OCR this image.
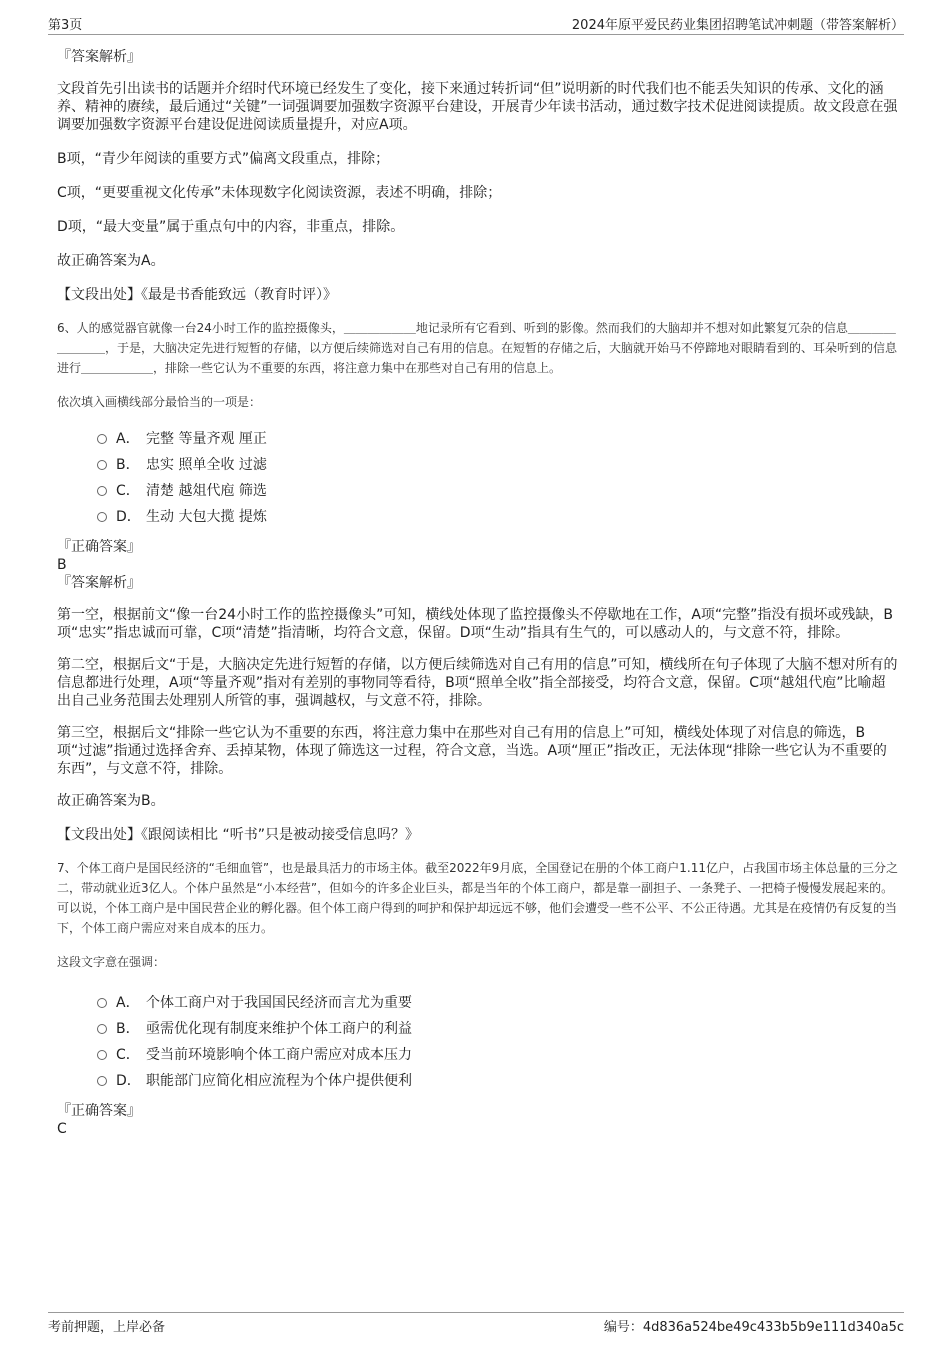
第3页	2024年原平爱民药业集团招聘笔试冲刺题（带答案解析）
『答案解析』

文段首先引出读书的话题并介绍时代环境已经发生了变化，接下来通过转折词“但”说明新的时代我们也不能丢失知识的传承、文化的涵养、精神的赓续，最后通过“关键”一词强调要加强数字资源平台建设，开展青少年读书活动，通过数字技术促进阅读提质。故文段意在强调要加强数字资源平台建设促进阅读质量提升，对应A项。

B项，“青少年阅读的重要方式”偏离文段重点，排除；

C项，“更要重视文化传承”未体现数字化阅读资源，表述不明确，排除；

D项，“最大变量”属于重点句中的内容，非重点，排除。

故正确答案为A。

【文段出处】《最是书香能致远（教育时评）》

6、人的感觉器官就像一台24小时工作的监控摄像头，＿＿＿＿＿＿地记录所有它看到、听到的影像。然而我们的大脑却并不想对如此繁复冗杂的信息＿＿＿＿＿＿＿＿，于是，大脑决定先进行短暂的存储，以方便后续筛选对自己有用的信息。在短暂的存储之后，大脑就开始马不停蹄地对眼睛看到的、耳朵听到的信息进行＿＿＿＿＿＿，排除一些它认为不重要的东西，将注意力集中在那些对自己有用的信息上。

依次填入画横线部分最恰当的一项是：

A． 完整 等量齐观 厘正
B． 忠实 照单全收 过滤
C． 清楚 越俎代庖 筛选
D． 生动 大包大揽 提炼
『正确答案』
B
『答案解析』

第一空，根据前文“像一台24小时工作的监控摄像头”可知，横线处体现了监控摄像头不停歇地在工作，A项“完整”指没有损坏或残缺，B项“忠实”指忠诚而可靠，C项“清楚”指清晰，均符合文意，保留。D项“生动”指具有生气的，可以感动人的，与文意不符，排除。

第二空，根据后文“于是，大脑决定先进行短暂的存储，以方便后续筛选对自己有用的信息”可知，横线所在句子体现了大脑不想对所有的信息都进行处理，A项“等量齐观”指对有差别的事物同等看待，B项“照单全收”指全部接受，均符合文意，保留。C项“越俎代庖”比喻超出自己业务范围去处理别人所管的事，强调越权，与文意不符，排除。

第三空，根据后文“排除一些它认为不重要的东西，将注意力集中在那些对自己有用的信息上”可知，横线处体现了对信息的筛选，B项“过滤”指通过选择舍弃、丢掉某物，体现了筛选这一过程，符合文意，当选。A项“厘正”指改正，无法体现“排除一些它认为不重要的东西”，与文意不符，排除。

故正确答案为B。

【文段出处】《跟阅读相比 “听书”只是被动接受信息吗？》

7、个体工商户是国民经济的“毛细血管”，也是最具活力的市场主体。截至2022年9月底，全国登记在册的个体工商户1.11亿户，占我国市场主体总量的三分之二，带动就业近3亿人。个体户虽然是“小本经营”，但如今的许多企业巨头，都是当年的个体工商户，都是靠一副担子、一条凳子、一把椅子慢慢发展起来的。可以说，个体工商户是中国民营企业的孵化器。但个体工商户得到的呵护和保护却远远不够，他们会遭受一些不公平、不公正待遇。尤其是在疫情仍有反复的当下，个体工商户需应对来自成本的压力。

这段文字意在强调：

A． 个体工商户对于我国国民经济而言尤为重要
B． 亟需优化现有制度来维护个体工商户的利益
C． 受当前环境影响个体工商户需应对成本压力
D． 职能部门应简化相应流程为个体户提供便利
『正确答案』
C
考前押题，上岸必备	编号：4d836a524be49c433b5b9e111d340a5c
